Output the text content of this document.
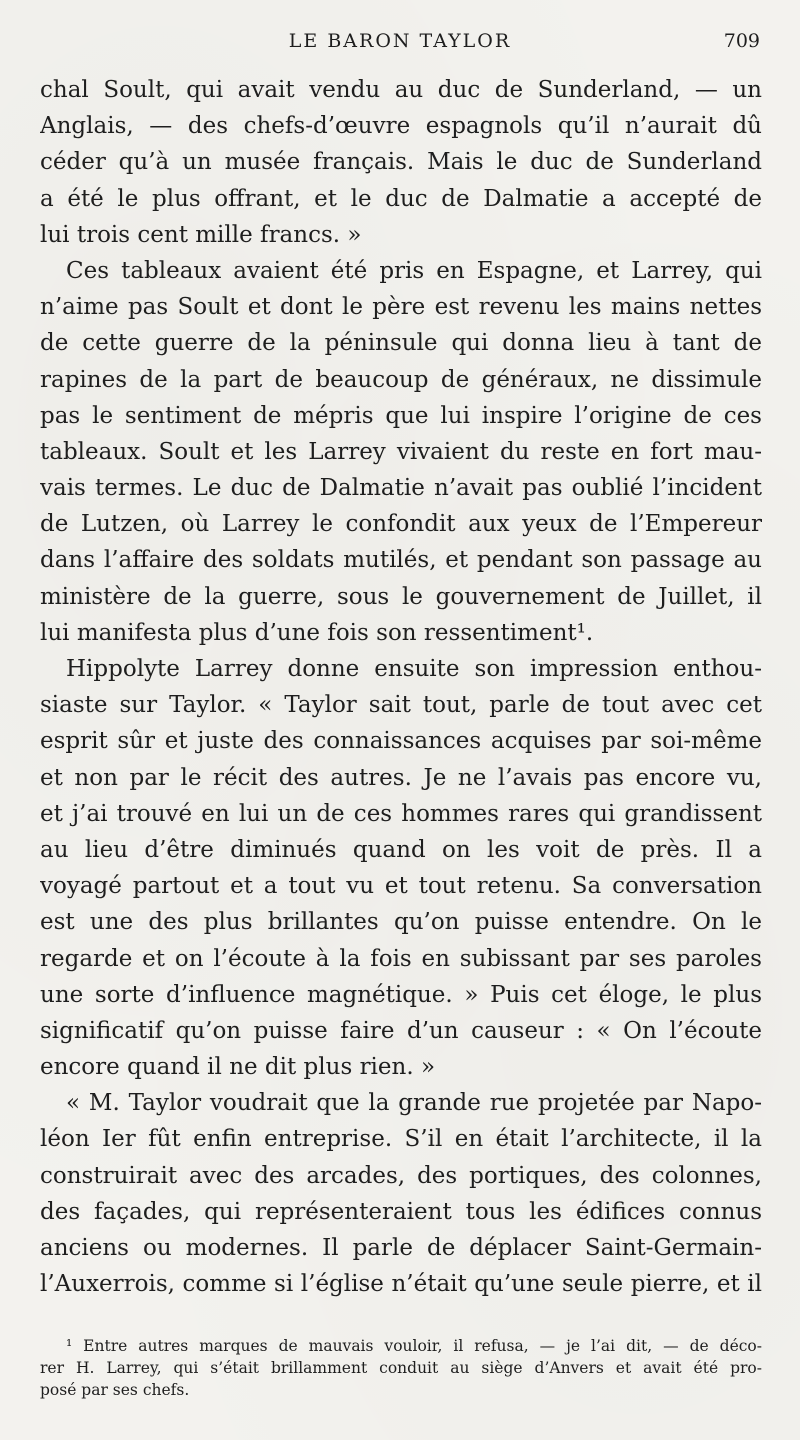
LE BARON TAYLOR	709
chal Soult, qui avait vendu au duc de Sunderland, — un
Anglais, — des chefs-d’œuvre espagnols qu’il n’aurait dû
céder qu’à un musée français. Mais le duc de Sunderland
a été le plus offrant, et le duc de Dalmatie a accepté de
lui trois cent mille francs. »
Ces tableaux avaient été pris en Espagne, et Larrey, qui
n’aime pas Soult et dont le père est revenu les mains nettes
de cette guerre de la péninsule qui donna lieu à tant de
rapines de la part de beaucoup de généraux, ne dissimule
pas le sentiment de mépris que lui inspire l’origine de ces
tableaux. Soult et les Larrey vivaient du reste en fort mau-
vais termes. Le duc de Dalmatie n’avait pas oublié l’incident
de Lutzen, où Larrey le confondit aux yeux de l’Empereur
dans l’affaire des soldats mutilés, et pendant son passage au
ministère de la guerre, sous le gouvernement de Juillet, il
lui manifesta plus d’une fois son ressentiment¹.
Hippolyte Larrey donne ensuite son impression enthou-
siaste sur Taylor. « Taylor sait tout, parle de tout avec cet
esprit sûr et juste des connaissances acquises par soi-même
et non par le récit des autres. Je ne l’avais pas encore vu,
et j’ai trouvé en lui un de ces hommes rares qui grandissent
au lieu d’être diminués quand on les voit de près. Il a
voyagé partout et a tout vu et tout retenu. Sa conversation
est une des plus brillantes qu’on puisse entendre. On le
regarde et on l’écoute à la fois en subissant par ses paroles
une sorte d’influence magnétique. » Puis cet éloge, le plus
significatif qu’on puisse faire d’un causeur : « On l’écoute
encore quand il ne dit plus rien. »
« M. Taylor voudrait que la grande rue projetée par Napo-
léon Ier fût enfin entreprise. S’il en était l’architecte, il la
construirait avec des arcades, des portiques, des colonnes,
des façades, qui représenteraient tous les édifices connus
anciens ou modernes. Il parle de déplacer Saint-Germain-
l’Auxerrois, comme si l’église n’était qu’une seule pierre, et il
¹ Entre autres marques de mauvais vouloir, il refusa, — je l’ai dit, — de déco-
rer H. Larrey, qui s’était brillamment conduit au siège d’Anvers et avait été pro-
posé par ses chefs.
